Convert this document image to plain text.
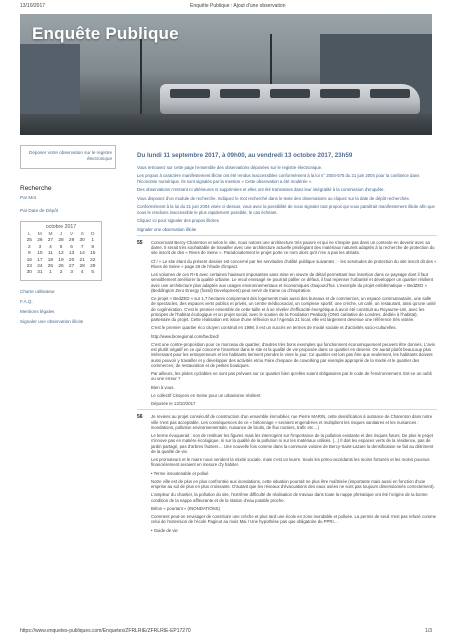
13/10/2017	Enquête Publique : Ajout d'une observation
Enquête Publique
Déposer votre observation sur le registre électronique
Recherche
Par Mot
Par Date de Dépôt
octobre 2017
L	M	M	J	V	S	D
25	26	27	28	29	30	1
2	3	4	5	6	7	8
9	10	11	12	13	14	15
16	17	18	19	20	21	22
23	24	25	26	27	28	29
30	31	1	2	3	4	5
Charte utilisateur
F.A.Q.
Mentions légales
Signaler une observation illicite
Du lundi 11 septembre 2017, à 09h00, au vendredi 13 octobre 2017, 23h59

Vous retrouvez sur cette page l'ensemble des observations déposées sur le registre électronique.

Les propos à caractère manifestement illicite ont été rendus inaccessibles conformément à la loi n° 2004-575 du 21 juin 2004 pour la confiance dans l'économie numérique. Ils sont signalés par la mention « Cette observation a été modérée ».

Des observations n'entrant ni ultérieures ni supprimées et elles ont été transmises dans leur intégralité à la commission d'enquête.

Vous disposez d'un module de recherche. Indiquez le mot recherché dans le texte des observations ou cliquez sur la date de dépôt recherchée.

Conformément à la loi du 21 juin 2004 visée ci-dessus, vous avez la possibilité de nous signaler tout propos qui vous paraîtrait manifestement illicite afin que nous le rendions inaccessible le plus rapidement possible, le cas échéant.

Cliquez ici pour signaler des propos illicites

Signaler une observation illicite

55 Concernant Bercy-Charenton et selon le site, nous notons une architecture très pauvre et qui ne s'inspire pas dans un contexte en devenir avec sa dame. Il serait très souhaitable de travailler avec une architecture actuelle privilégiant des matériaux naturels adaptés à la recherche de protection du site inscrit de des « Rives de Seine ». Paradoxalement le projet porte ce nom alors qu'il n'en a pas les attraits.

Cf / « Le site étant du présent dossier est concerné par les servitudes d'utilité publique suivantes : - les servitudes de protection du site inscrit dit des « Rives de Seine » page 26 de l'étude d'impact.

Les volumes de ces R+5 avec certaines hauteurs imposantes sans mise en œuvre de détail permettant leur insertion dans ce paysage dont il faut sensiblement améliorer la qualité urbaine. Le recul envisagé ne pourrait pallier ce défaut, il faut repenser l'urbanité et développer un quartier résilient avec une architecture plus adaptée aux usages environnementaux et économiques d'aujourd'hui. L'exemple du projet emblématique « BedZED » (Beddington Zero Energy (fossil) Development) peut servir de trame ou d'inspiration.

Ce projet « BedZED » sur 1,7 hectares comprenant des logements mais aussi des bureaux et de commerces, un espace communautaire, une salle de spectacles, des espaces verts publics et privés, un centre médicosocial, un complexe sportif, une crèche, un café, un restaurant, ainsi qu'une unité de cogénération. C'est le premier ensemble de cette taille et à se révéler d'efficacité énergétique à avoir été construit au Royaume-Uni, avec les principes de l'habitat écologique et un projet social, avec le soutien de la Fondation Peabody (ONG caritative de Londres, dédiée à l'habitat), partenaire du projet. Cette réalisation est issue d'une réflexion sur l'Agenda 21 local, elle est largement devenue une référence très visitée.

C'est le premier quartier éco citoyen construit en 1998, il est un succès en termes de mixité sociale et d'activités socio-culturelles.

http://www.bioregional.com/bedzed/

C'est une contre-proposition pour ce morceau de quartier, d'autres très bons exemples qui fonctionnent économiquement peuvent être donnés. L'avis est plutôt négatif en ce qui concerne l'insertion dans le site et la qualité de vie proposée dans ce quartier en devenir. On aurait plutôt beaucoup plus intéressant pour les entrepreneurs et les habitants tiennent prendre le vivre le jour. Ce quartier est loin pas être que seulement, les habitants doivent aussi pouvoir y travailler et y développer des activités et/ou Faire d'espace de coworking par exemple approprié de la mixité et le quartier des commerces, de restauration et de petites boutiques.

Par ailleurs, les pistes cyclables ne sont pas prévues sur ce quartier bien qu'elles soient obligatoires par le code de l'environnement. Est-ce un oubli ou une erreur ?

Bien à vous.

Le collectif Citoyens en Seine pour un urbanisme résilient

Déposée le 13/10/2017

56 Je reviens au projet consécutif de construction d'un ensemble immobilier, rue Pierre MARIN, cette densification à outrance de Charenton dans notre ville n'est pas acceptable. Les conséquences de ce « bétonnage » seraient engendrées et multiplient les risques sanitaires et les nuisances : inondations, pollution environnementale, nuisance de bruits, de flux routiers, trafic etc…)

Le terme évoquerait : non de restituer les figures mais les interrogent sur l'importance de la pollution existante et des risques futurs. De plus le projet n'innove pas en matière écologique, ni sur la qualité de la pollution ni sur les matériaux utilisés. (...) Il doit les espaces verts de la résidence, pas de jardin partagé, pas d'arbres fruitiers… Une nouvelle fois comme dans la commune voisine de Bercy-Saint-Lazare la densification se fait au détriment de la qualité de vie.

Les promoteurs et le maire nous vendent la mixité sociale, mais c'est un leurre. Seuls les primo-accédants les moins fortunés et les moins pourvus financièrement seraient en mesure d'y habiter.

• Terme insoutenable et pollué

Notre ville est de plus en plus confrontée aux inondations, cette situation pourrait ne plus être maîtrisée (importante mais aussi en fonction d'une emprise au sol de plus en plus croissante. D'autant que les réseaux d'évacuations des eaux usées ne sont pas toujours dimensionnés correctement).

L'ampleur du chantier, la pollution du site, l'extrême difficulté de réalisation de travaux dans toute la nappe phréatique ont été l'origine de la bonne condition de la nappe affleurante et de la station d'eau potable proche.

Béton « pourtant » (INONDATIONS)

Comment peut-on envisager de construire une crèche et plus tard une école en zone inondable et polluée. La permis de seuil n'est pas refusé comme celui de l'extension de l'école Paginot au mois Mai ! Une hypothèse pas que obligatoire du PPRI…

• Guide de vie

https://www.enquetes-publiques.com/Enquetes/ZFRLRIE/ZFRLRIE-EP17270	1/3
